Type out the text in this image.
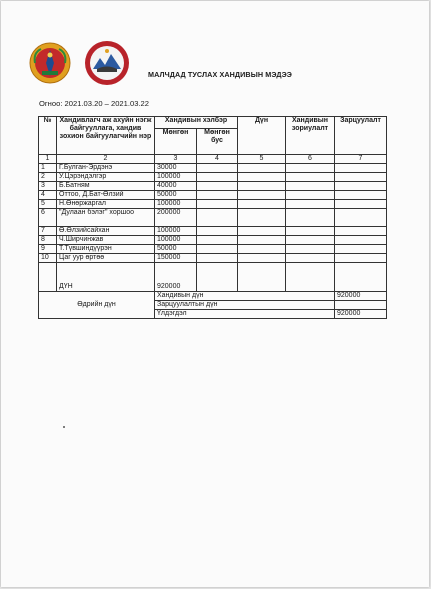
МАЛЧДАД ТУСЛАХ ХАНДИВЫН МЭДЭЭ
Огноо: 2021.03.20 – 2021.03.22
№	Хандивлагч аж ахуйн нэгж байгууллага, хандив зохион байгуулагчийн нэр	Хандивын хэлбэр		Дүн	Хандивын зориулалт	Зарцуулалт
		Мөнгөн	Мөнгөн бус			
1	2	3	4	5	6	7
1	Г.Булган-Эрдэнэ	30000				
2	У.Цэрэндэлгэр	100000				
3	Б.Батням	40000				
4	Оттоо, Д.Бат-Өлзий	50000				
5	Н.Өнөржаргал	100000				
6	"Дулаан бэлэг" хоршоо	200000				
7	Ө.Өлзийсайхан	100000				
8	Ч.Ширчинжав	100000				
9	Т.Түвшиндүүрэн	50000				
10	Цаг уур өртөө	150000				
	ДҮН	920000				
Өдрийн дүн		Хандивын дүн				920000
		Зарцуулалтын дүн				
		Үлдэгдэл				920000
